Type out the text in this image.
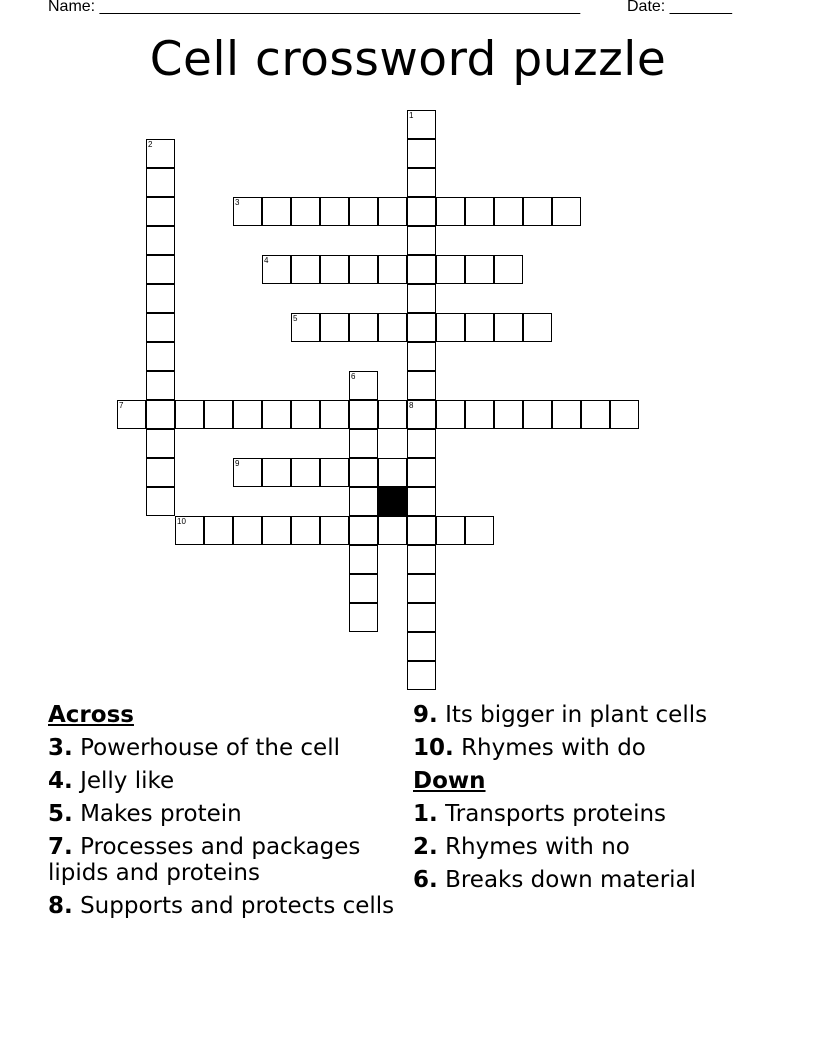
Name: ______________________________________________________	Date: _______
Cell crossword puzzle
1
8
2
3
4
5
6
7
9
10
Across
3. Powerhouse of the cell
4. Jelly like
5. Makes protein
7. Processes and packages lipids and proteins
8. Supports and protects cells
9. Its bigger in plant cells
10. Rhymes with do
Down
1. Transports proteins
2. Rhymes with no
6. Breaks down material
